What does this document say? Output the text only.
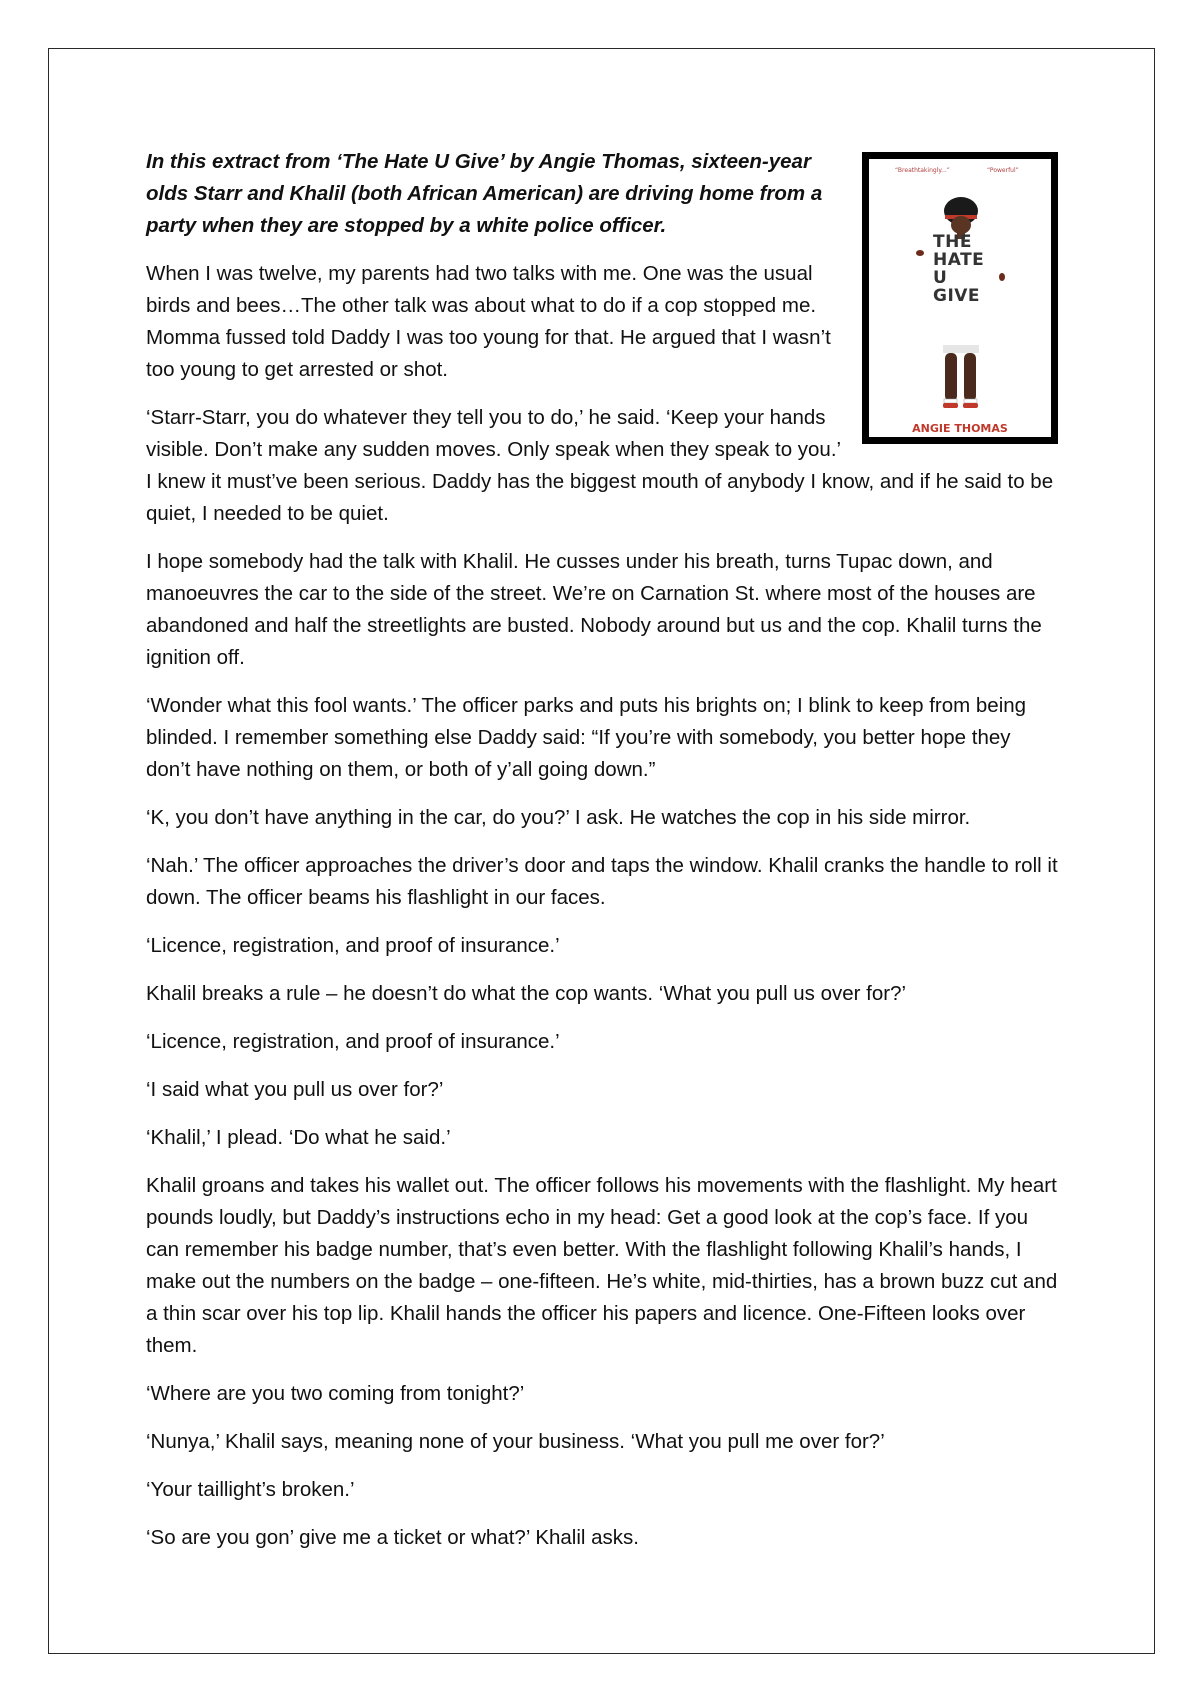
“Breathtakingly...”	“Powerful”
THE
HATE
U
GIVE
ANGIE THOMAS

In this extract from ‘The Hate U Give’ by Angie Thomas, sixteen-year olds Starr and Khalil (both African American) are driving home from a party when they are stopped by a white police officer.

When I was twelve, my parents had two talks with me. One was the usual birds and bees…The other talk was about what to do if a cop stopped me. Momma fussed told Daddy I was too young for that. He argued that I wasn’t too young to get arrested or shot.

‘Starr-Starr, you do whatever they tell you to do,’ he said. ‘Keep your hands visible. Don’t make any sudden moves. Only speak when they speak to you.’ I knew it must’ve been serious. Daddy has the biggest mouth of anybody I know, and if he said to be quiet, I needed to be quiet.

I hope somebody had the talk with Khalil. He cusses under his breath, turns Tupac down, and manoeuvres the car to the side of the street. We’re on Carnation St. where most of the houses are abandoned and half the streetlights are busted. Nobody around but us and the cop. Khalil turns the ignition off.

‘Wonder what this fool wants.’ The officer parks and puts his brights on; I blink to keep from being blinded. I remember something else Daddy said: “If you’re with somebody, you better hope they don’t have nothing on them, or both of y’all going down.”

‘K, you don’t have anything in the car, do you?’ I ask. He watches the cop in his side mirror.

‘Nah.’ The officer approaches the driver’s door and taps the window. Khalil cranks the handle to roll it down. The officer beams his flashlight in our faces.

‘Licence, registration, and proof of insurance.’

Khalil breaks a rule – he doesn’t do what the cop wants. ‘What you pull us over for?’

‘Licence, registration, and proof of insurance.’

‘I said what you pull us over for?’

‘Khalil,’ I plead. ‘Do what he said.’

Khalil groans and takes his wallet out. The officer follows his movements with the flashlight. My heart pounds loudly, but Daddy’s instructions echo in my head: Get a good look at the cop’s face. If you can remember his badge number, that’s even better. With the flashlight following Khalil’s hands, I make out the numbers on the badge – one-fifteen. He’s white, mid-thirties, has a brown buzz cut and a thin scar over his top lip. Khalil hands the officer his papers and licence. One-Fifteen looks over them.

‘Where are you two coming from tonight?’

‘Nunya,’ Khalil says, meaning none of your business. ‘What you pull me over for?’

‘Your taillight’s broken.’

‘So are you gon’ give me a ticket or what?’ Khalil asks.
